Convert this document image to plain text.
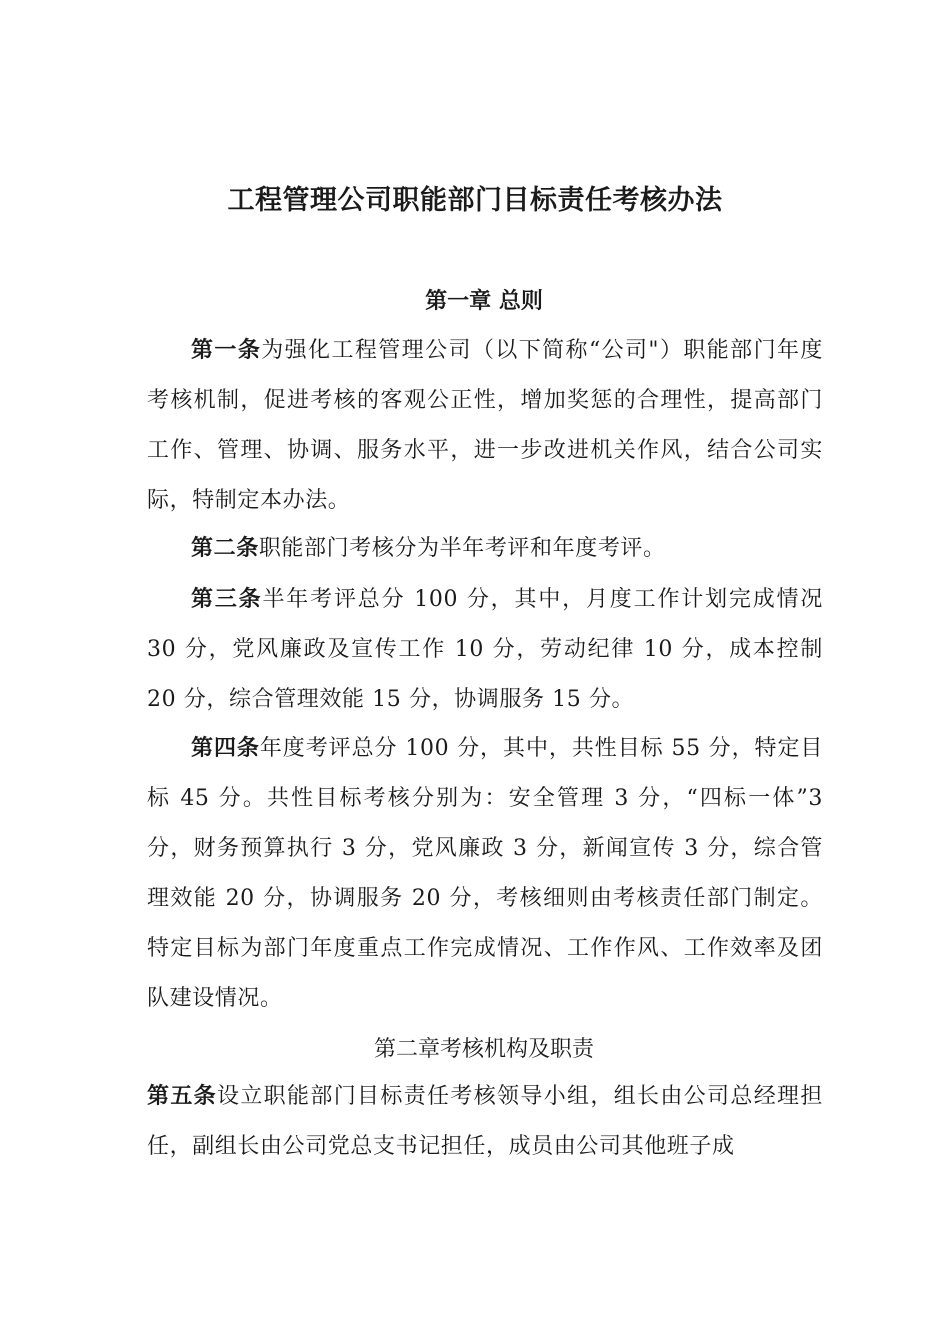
工程管理公司职能部门目标责任考核办法
第一章 总则

第一条为强化工程管理公司（以下简称“公司"）职能部门年度考核机制，促进考核的客观公正性，增加奖惩的合理性，提高部门工作、管理、协调、服务水平，进一步改进机关作风，结合公司实际，特制定本办法。

第二条职能部门考核分为半年考评和年度考评。

第三条半年考评总分 100 分，其中，月度工作计划完成情况 30 分，党风廉政及宣传工作 10 分，劳动纪律 10 分，成本控制 20 分，综合管理效能 15 分，协调服务 15 分。

第四条年度考评总分 100 分，其中，共性目标 55 分，特定目标 45 分。共性目标考核分别为：安全管理 3 分，“四标一体”3 分，财务预算执行 3 分，党风廉政 3 分，新闻宣传 3 分，综合管理效能 20 分，协调服务 20 分，考核细则由考核责任部门制定。特定目标为部门年度重点工作完成情况、工作作风、工作效率及团队建设情况。

第二章考核机构及职责

第五条设立职能部门目标责任考核领导小组，组长由公司总经理担任，副组长由公司党总支书记担任，成员由公司其他班子成
